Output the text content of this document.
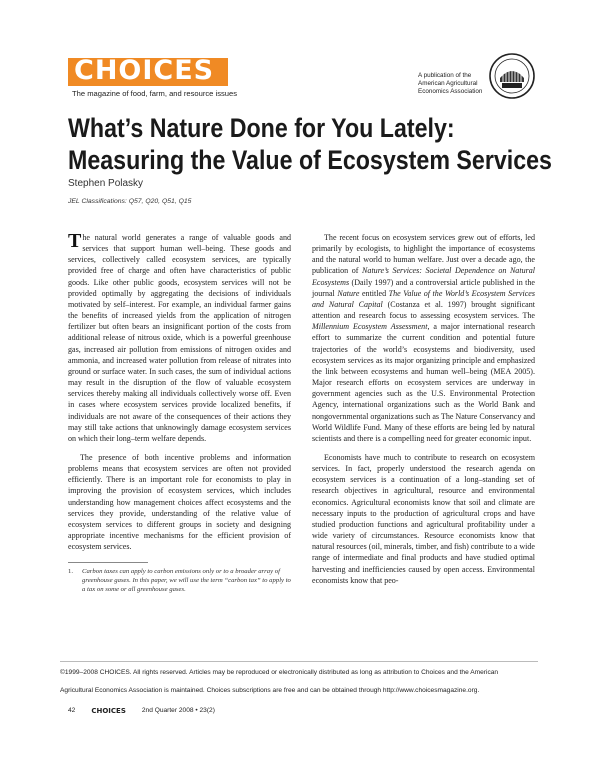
CHOICES
The magazine of food, farm, and resource issues
A publication of the
American Agricultural
Economics Association
What’s Nature Done for You Lately:
Measuring the Value of Ecosystem Services
Stephen Polasky
JEL Classifications: Q57, Q20, Q51, Q15

The natural world generates a range of valuable goods and services that support human well–being. These goods and services, collectively called ecosystem services, are typically provided free of charge and often have characteristics of public goods. Like other public goods, ecosystem services will not be provided optimally by aggregating the decisions of individuals motivated by self–interest. For example, an individual farmer gains the benefits of increased yields from the application of nitrogen fertilizer but often bears an insignificant portion of the costs from additional release of nitrous oxide, which is a powerful greenhouse gas, increased air pollution from emissions of nitrogen oxides and ammonia, and increased water pollution from release of nitrates into ground or surface water. In such cases, the sum of individual actions may result in the disruption of the flow of valuable ecosystem services thereby making all individuals collectively worse off. Even in cases where ecosystem services provide localized benefits, if individuals are not aware of the consequences of their actions they may still take actions that unknowingly damage ecosystem services on which their long–term welfare depends.

The presence of both incentive problems and information problems means that ecosystem services are often not provided efficiently. There is an important role for economists to play in improving the provision of ecosystem services, which includes understanding how management choices affect ecosystems and the services they provide, understanding of the relative value of ecosystem services to different groups in society and designing appropriate incentive mechanisms for the efficient provision of ecosystem services.

1.	Carbon taxes can apply to carbon emissions only or to a broader array of greenhouse gases. In this paper, we will use the term “carbon tax” to apply to a tax on some or all greenhouse gases.

The recent focus on ecosystem services grew out of efforts, led primarily by ecologists, to highlight the importance of ecosystems and the natural world to human welfare. Just over a decade ago, the publication of Nature’s Services: Societal Dependence on Natural Ecosystems (Daily 1997) and a controversial article published in the journal Nature entitled The Value of the World’s Ecosystem Services and Natural Capital (Costanza et al. 1997) brought significant attention and research focus to assessing ecosystem services. The Millennium Ecosystem Assessment, a major international research effort to summarize the current condition and potential future trajectories of the world’s ecosystems and biodiversity, used ecosystem services as its major organizing principle and emphasized the link between ecosystems and human well–being (MEA 2005). Major research efforts on ecosystem services are underway in government agencies such as the U.S. Environmental Protection Agency, international organizations such as the World Bank and nongovernmental organizations such as The Nature Conservancy and World Wildlife Fund. Many of these efforts are being led by natural scientists and there is a compelling need for greater economic input.

Economists have much to contribute to research on ecosystem services. In fact, properly understood the research agenda on ecosystem services is a continuation of a long–standing set of research objectives in agricultural, resource and environmental economics. Agricultural economists know that soil and climate are necessary inputs to the production of agricultural crops and have studied production functions and agricultural profitability under a wide variety of circumstances. Resource economists know that natural resources (oil, minerals, timber, and fish) contribute to a wide range of intermediate and final products and have studied optimal harvesting and inefficiencies caused by open access. Environmental economists know that peo-

©1999–2008 CHOICES. All rights reserved. Articles may be reproduced or electronically distributed as long as attribution to Choices and the American
Agricultural Economics Association is maintained. Choices subscriptions are free and can be obtained through http://www.choicesmagazine.org.
42 CHOICES 2nd Quarter 2008 • 23(2)
